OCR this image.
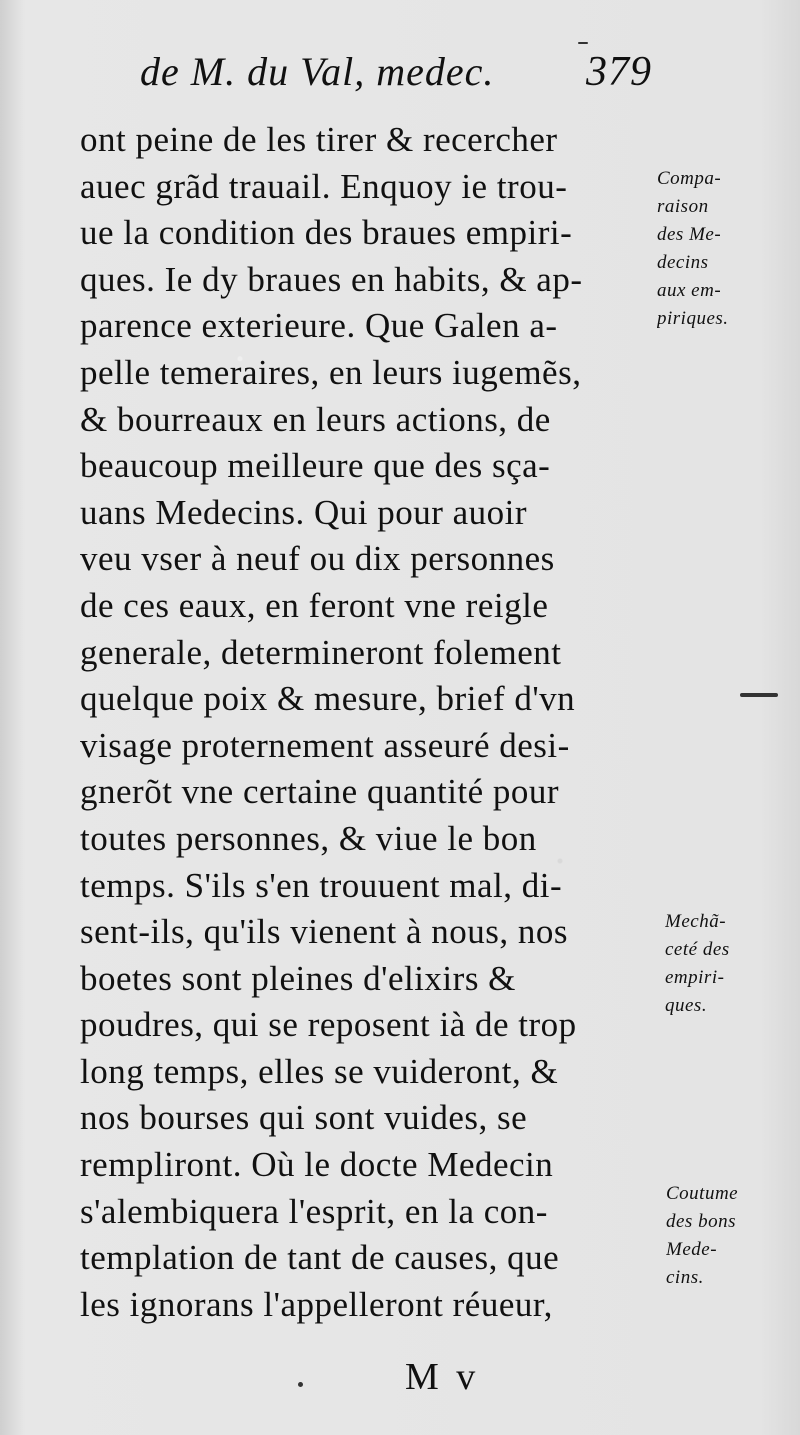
de M. du Val, medec. 379
ont peine de les tirer & recercher
auec grãd trauail. Enquoy ie trou-
ue la condition des braues empiri-
ques. Ie dy braues en habits, & ap-
parence exterieure. Que Galen a-
pelle temeraires, en leurs iugemẽs,
& bourreaux en leurs actions, de
beaucoup meilleure que des sça-
uans Medecins. Qui pour auoir
veu vser à neuf ou dix personnes
de ces eaux, en feront vne reigle
generale, determineront folement
quelque poix & mesure, brief d'vn
visage proternement asseuré desi-
gnerõt vne certaine quantité pour
toutes personnes, & viue le bon
temps. S'ils s'en trouuent mal, di-
sent-ils, qu'ils vienent à nous, nos
boetes sont pleines d'elixirs &
poudres, qui se reposent ià de trop
long temps, elles se vuideront, &
nos bourses qui sont vuides, se
rempliront. Où le docte Medecin
s'alembiquera l'esprit, en la con-
templation de tant de causes, que
les ignorans l'appelleront réueur,
Compa-
raison
des Me-
decins
aux em-
piriques.
Mechã-
ceté des
empiri-
ques.
Coutume
des bons
Mede-
cins.
M v
